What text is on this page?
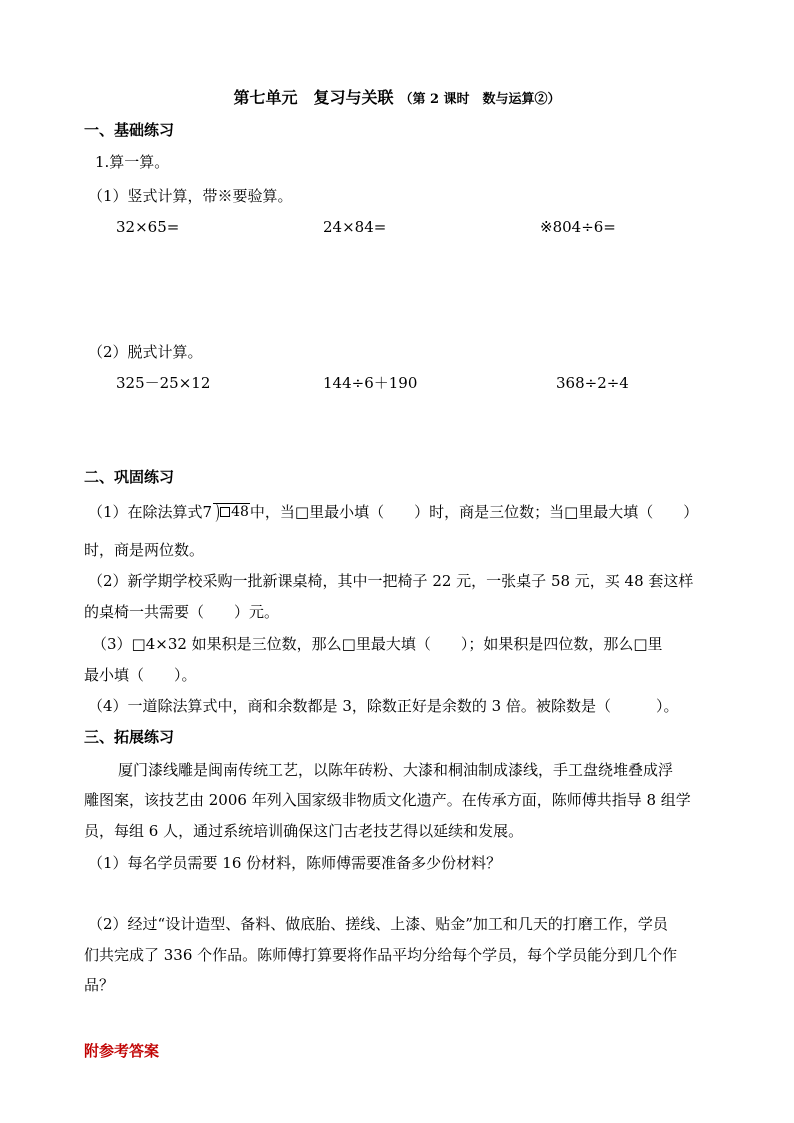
第七单元　复习与关联 （第 2 课时　数与运算②）
一、基础练习
1.算一算。
（1）竖式计算，带※要验算。
32×65=	24×84=	※804÷6=
（2）脱式计算。
325－25×12	144÷6＋190	368÷2÷4
二、巩固练习
（1）在除法算式7 48中，当□里最小填（　　）时，商是三位数；当□里最大填（　　）
时，商是两位数。
（2）新学期学校采购一批新课桌椅，其中一把椅子 22 元，一张桌子 58 元，买 48 套这样
的桌椅一共需要（　　）元。
（3）□4×32 如果积是三位数，那么□里最大填（　　）；如果积是四位数，那么□里
最小填（　　）。
（4）一道除法算式中，商和余数都是 3，除数正好是余数的 3 倍。被除数是（　　　）。
三、拓展练习
厦门漆线雕是闽南传统工艺，以陈年砖粉、大漆和桐油制成漆线，手工盘绕堆叠成浮
雕图案，该技艺由 2006 年列入国家级非物质文化遗产。在传承方面，陈师傅共指导 8 组学
员，每组 6 人，通过系统培训确保这门古老技艺得以延续和发展。
（1）每名学员需要 16 份材料，陈师傅需要准备多少份材料？
（2）经过“设计造型、备料、做底胎、搓线、上漆、贴金”加工和几天的打磨工作，学员
们共完成了 336 个作品。陈师傅打算要将作品平均分给每个学员，每个学员能分到几个作
品？
附参考答案
